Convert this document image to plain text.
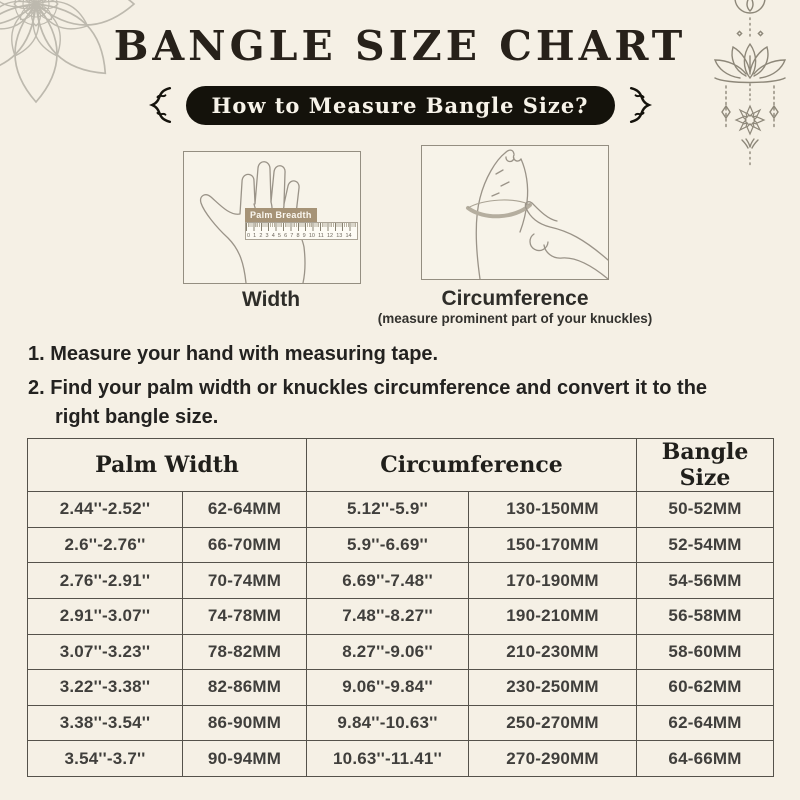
BANGLE SIZE CHART
How to Measure Bangle Size?
Palm Breadth
0 1 2 3 4 5 6 7 8 9 10 11 12 13 14
Width	Circumference
(measure prominent part of your knuckles)
1. Measure your hand with measuring tape.
2. Find your palm width or knuckles circumference and convert it to the right bangle size.
Palm Width		Circumference		Bangle Size
2.44''-2.52''	62-64MM	5.12''-5.9''	130-150MM	50-52MM
2.6''-2.76''	66-70MM	5.9''-6.69''	150-170MM	52-54MM
2.76''-2.91''	70-74MM	6.69''-7.48''	170-190MM	54-56MM
2.91''-3.07''	74-78MM	7.48''-8.27''	190-210MM	56-58MM
3.07''-3.23''	78-82MM	8.27''-9.06''	210-230MM	58-60MM
3.22''-3.38''	82-86MM	9.06''-9.84''	230-250MM	60-62MM
3.38''-3.54''	86-90MM	9.84''-10.63''	250-270MM	62-64MM
3.54''-3.7''	90-94MM	10.63''-11.41''	270-290MM	64-66MM
